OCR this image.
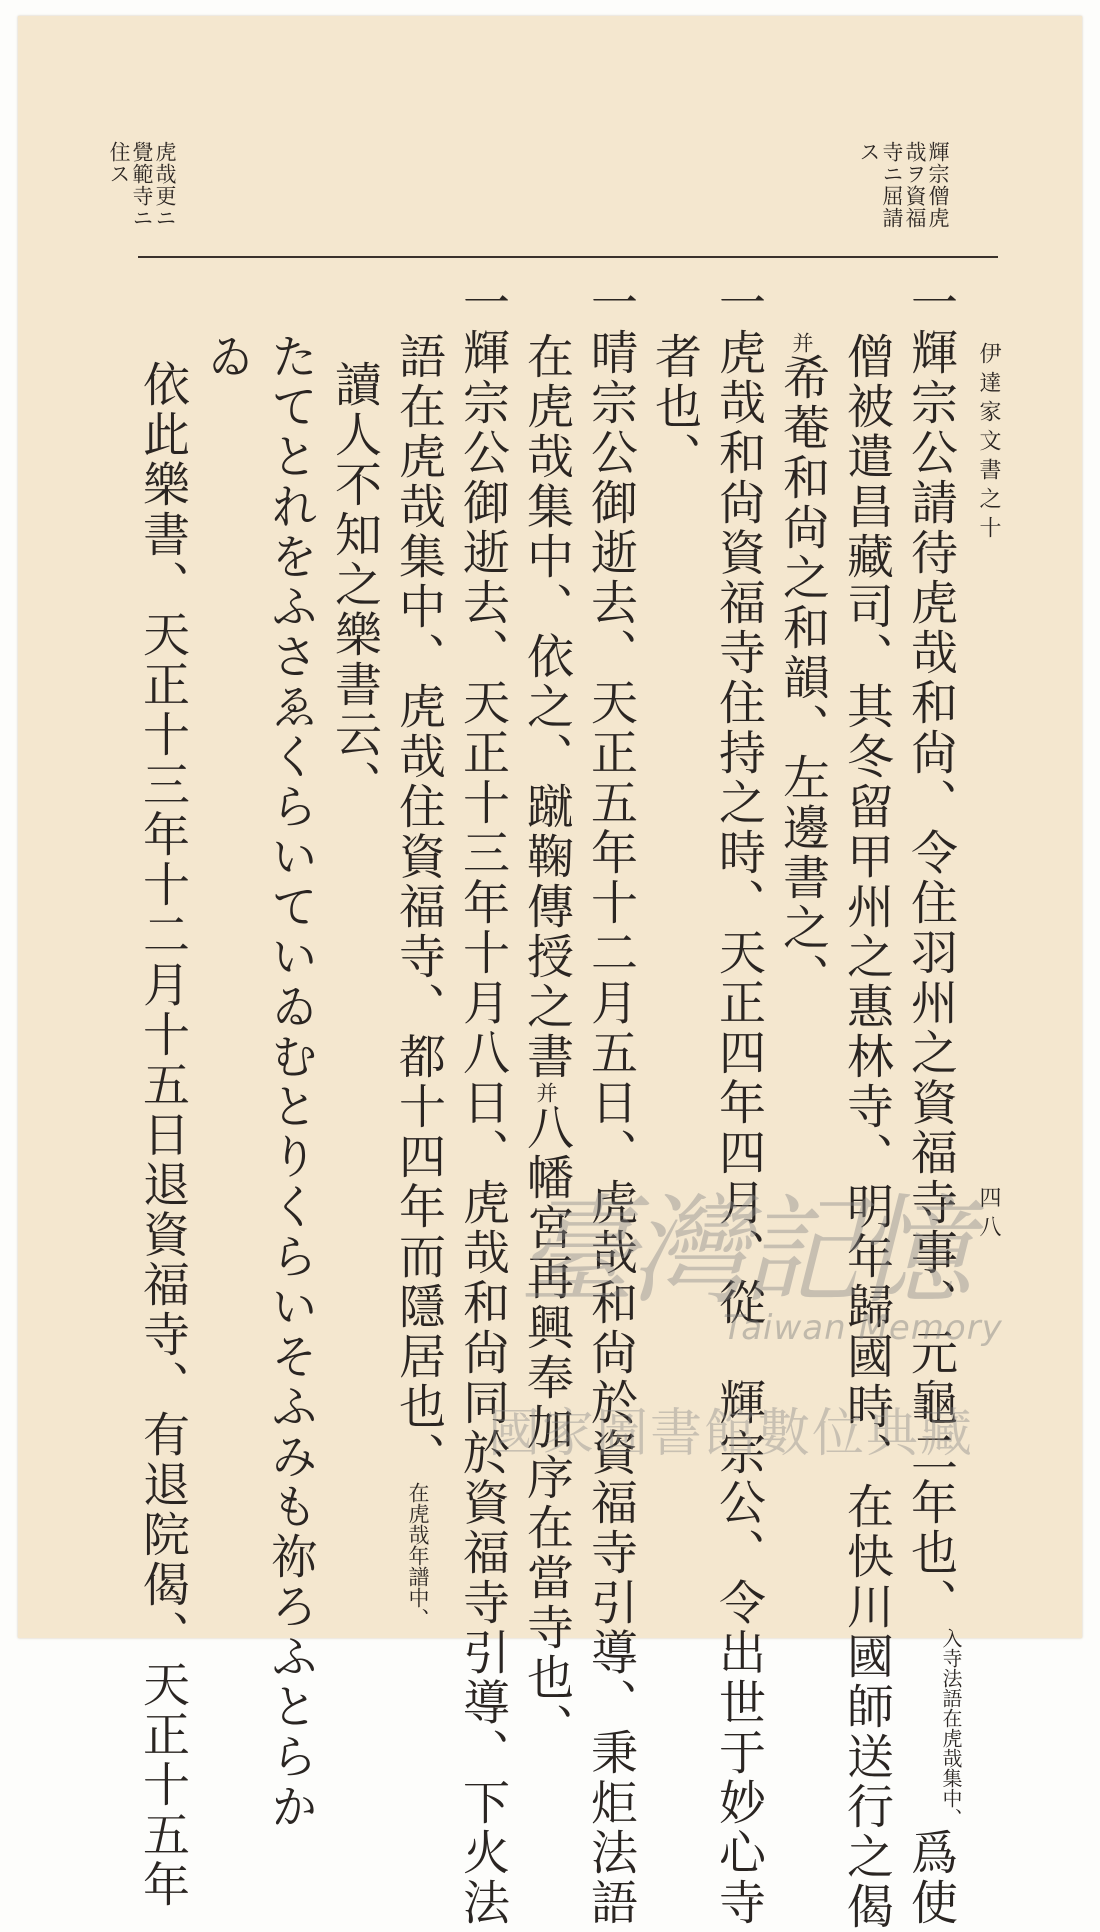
伊達家文書之十
四八
輝宗僧虎
哉ヲ資福
寺ニ屈請
ス
虎哉更ニ
覺範寺ニ
住ス
一輝宗公請待虎哉和尙、令住羽州之資福寺事、元龜二年也、
入寺法語在
虎哉集中、
爲使
僧被遣昌藏司、其冬留甲州之惠林寺、明年歸國時、在快川國師送行之偈
并希菴和尙之和韻、左邊書之、
一虎哉和尙資福寺住持之時、天正四年四月、從　輝宗公、令出世于妙心寺
者也、
一晴宗公御逝去、天正五年十二月五日、虎哉和尙於資福寺引導、秉炬法語
在虎哉集中、依之、蹴鞠傳授之書并八幡宮再興奉加序在當寺也、
一輝宗公御逝去、天正十三年十月八日、虎哉和尙同於資福寺引導、下火法
語在虎哉集中、虎哉住資福寺、都十四年而隱居也、在虎哉年譜中、
讀人不知之樂書云、
たてとれをふさゑくらいていゐむとりくらいそふみも祢ろふとらか
ゐ
依此樂書、天正十三年十二月十五日退資福寺、有退院偈、天正十五年	臺灣記憶
Taiwan Memory
國家圖書館數位典藏
